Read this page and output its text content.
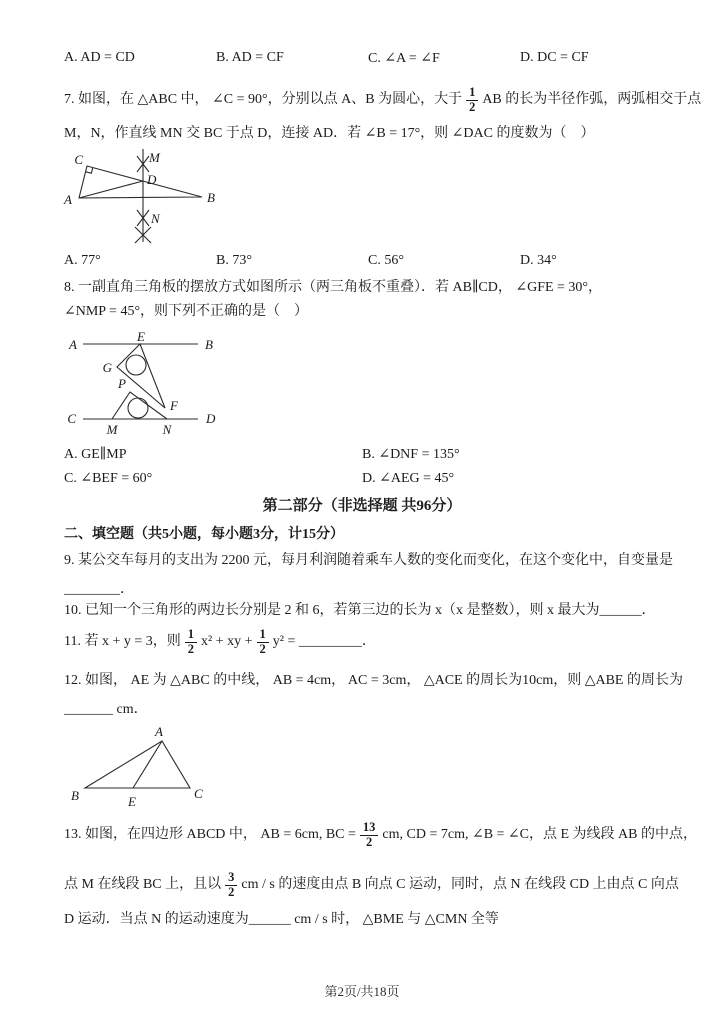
A. AD = CD	B. AD = CF	C. ∠A = ∠F	D. DC = CF
7. 如图，在 △ABC 中， ∠C = 90°，分别以点 A、B 为圆心，大于 $\frac{1}{2}$ AB 的长为半径作弧，两弧相交于点
M，N，作直线 MN 交 BC 于点 D，连接 AD．若 ∠B = 17°，则 ∠DAC 的度数为（　）
A	B
C
D
M
N
A. 77°	B. 73°	C. 56°	D. 34°
8. 一副直角三角板的摆放方式如图所示（两三角板不重叠）．若 AB∥CD， ∠GFE = 30°，
∠NMP = 45°，则下列不正确的是（　）
A	B
E
G
P
F
C	D
M	N
A. GE∥MP	B. ∠DNF = 135°
C. ∠BEF = 60°	D. ∠AEG = 45°
第二部分（非选择题 共96分）
二、填空题（共5小题，每小题3分，计15分）
9. 某公交车每月的支出为 2200 元，每月利润随着乘车人数的变化而变化，在这个变化中，自变量是
________．
10. 已知一个三角形的两边长分别是 2 和 6，若第三边的长为 x（x 是整数），则 x 最大为______．
11. 若 x + y = 3，则 $\frac{1}{2} x^2$ + xy + $\frac{1}{2} y^2$ = _________．
12. 如图， AE 为 △ABC 的中线， AB = 4cm， AC = 3cm， △ACE 的周长为10cm，则 △ABE 的周长为
_______ cm．
A
B	C
E
13. 如图，在四边形 ABCD 中， AB = 6cm, BC = $\frac{13}{2}$ cm, CD = 7cm, ∠B = ∠C，点 E 为线段 AB 的中点，
点 M 在线段 BC 上，且以 $\frac{3}{2}$ cm / s 的速度由点 B 向点 C 运动，同时，点 N 在线段 CD 上由点 C 向点
D 运动．当点 N 的运动速度为______ cm / s 时， △BME 与 △CMN 全等
第2页/共18页
